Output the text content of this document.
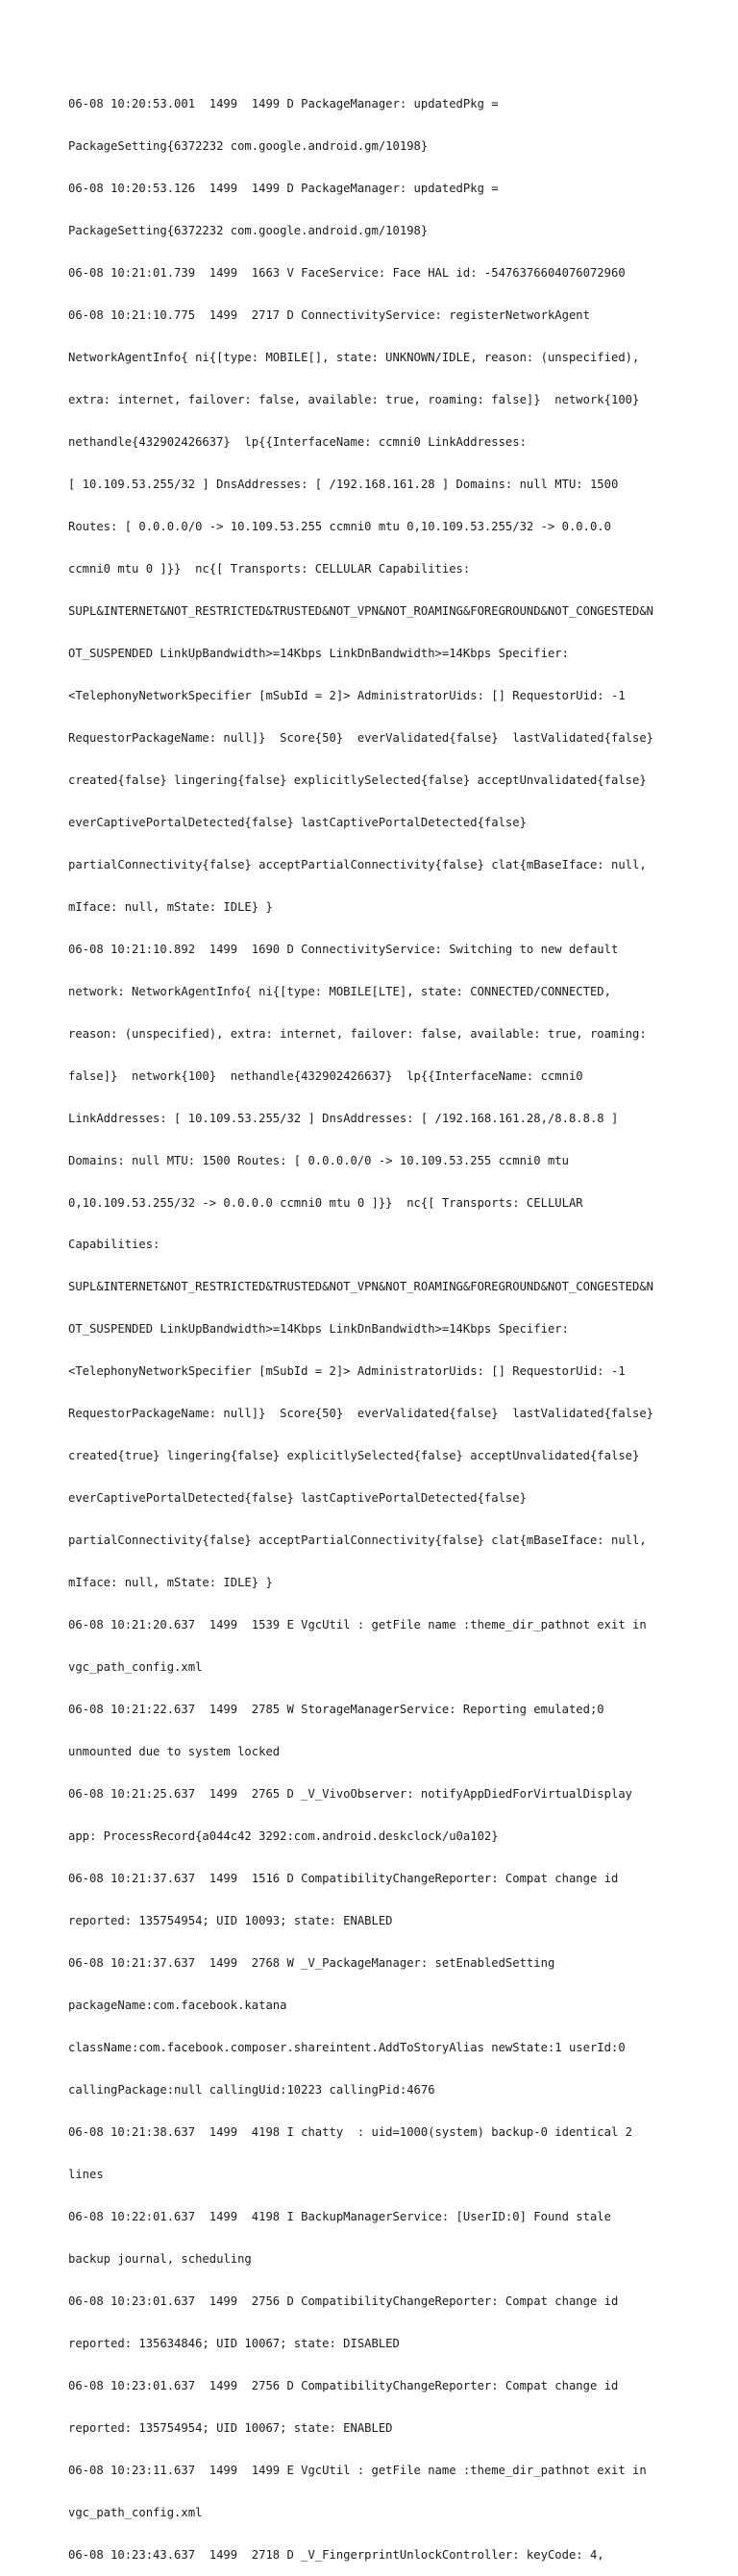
06-08 10:20:53.001  1499  1499 D PackageManager: updatedPkg =

PackageSetting{6372232 com.google.android.gm/10198}

06-08 10:20:53.126  1499  1499 D PackageManager: updatedPkg =

PackageSetting{6372232 com.google.android.gm/10198}

06-08 10:21:01.739  1499  1663 V FaceService: Face HAL id: -5476376604076072960

06-08 10:21:10.775  1499  2717 D ConnectivityService: registerNetworkAgent

NetworkAgentInfo{ ni{[type: MOBILE[], state: UNKNOWN/IDLE, reason: (unspecified),

extra: internet, failover: false, available: true, roaming: false]}  network{100}

nethandle{432902426637}  lp{{InterfaceName: ccmni0 LinkAddresses:

[ 10.109.53.255/32 ] DnsAddresses: [ /192.168.161.28 ] Domains: null MTU: 1500

Routes: [ 0.0.0.0/0 -> 10.109.53.255 ccmni0 mtu 0,10.109.53.255/32 -> 0.0.0.0

ccmni0 mtu 0 ]}}  nc{[ Transports: CELLULAR Capabilities:

SUPL&INTERNET&NOT_RESTRICTED&TRUSTED&NOT_VPN&NOT_ROAMING&FOREGROUND&NOT_CONGESTED&N

OT_SUSPENDED LinkUpBandwidth>=14Kbps LinkDnBandwidth>=14Kbps Specifier:

<TelephonyNetworkSpecifier [mSubId = 2]> AdministratorUids: [] RequestorUid: -1

RequestorPackageName: null]}  Score{50}  everValidated{false}  lastValidated{false}

created{false} lingering{false} explicitlySelected{false} acceptUnvalidated{false}

everCaptivePortalDetected{false} lastCaptivePortalDetected{false}

partialConnectivity{false} acceptPartialConnectivity{false} clat{mBaseIface: null,

mIface: null, mState: IDLE} }

06-08 10:21:10.892  1499  1690 D ConnectivityService: Switching to new default

network: NetworkAgentInfo{ ni{[type: MOBILE[LTE], state: CONNECTED/CONNECTED,

reason: (unspecified), extra: internet, failover: false, available: true, roaming:

false]}  network{100}  nethandle{432902426637}  lp{{InterfaceName: ccmni0

LinkAddresses: [ 10.109.53.255/32 ] DnsAddresses: [ /192.168.161.28,/8.8.8.8 ]

Domains: null MTU: 1500 Routes: [ 0.0.0.0/0 -> 10.109.53.255 ccmni0 mtu

0,10.109.53.255/32 -> 0.0.0.0 ccmni0 mtu 0 ]}}  nc{[ Transports: CELLULAR

Capabilities:

SUPL&INTERNET&NOT_RESTRICTED&TRUSTED&NOT_VPN&NOT_ROAMING&FOREGROUND&NOT_CONGESTED&N

OT_SUSPENDED LinkUpBandwidth>=14Kbps LinkDnBandwidth>=14Kbps Specifier:

<TelephonyNetworkSpecifier [mSubId = 2]> AdministratorUids: [] RequestorUid: -1

RequestorPackageName: null]}  Score{50}  everValidated{false}  lastValidated{false}

created{true} lingering{false} explicitlySelected{false} acceptUnvalidated{false}

everCaptivePortalDetected{false} lastCaptivePortalDetected{false}

partialConnectivity{false} acceptPartialConnectivity{false} clat{mBaseIface: null,

mIface: null, mState: IDLE} }

06-08 10:21:20.637  1499  1539 E VgcUtil : getFile name :theme_dir_pathnot exit in

vgc_path_config.xml

06-08 10:21:22.637  1499  2785 W StorageManagerService: Reporting emulated;0

unmounted due to system locked

06-08 10:21:25.637  1499  2765 D _V_VivoObserver: notifyAppDiedForVirtualDisplay

app: ProcessRecord{a044c42 3292:com.android.deskclock/u0a102}

06-08 10:21:37.637  1499  1516 D CompatibilityChangeReporter: Compat change id

reported: 135754954; UID 10093; state: ENABLED

06-08 10:21:37.637  1499  2768 W _V_PackageManager: setEnabledSetting

packageName:com.facebook.katana

className:com.facebook.composer.shareintent.AddToStoryAlias newState:1 userId:0

callingPackage:null callingUid:10223 callingPid:4676

06-08 10:21:38.637  1499  4198 I chatty  : uid=1000(system) backup-0 identical 2

lines

06-08 10:22:01.637  1499  4198 I BackupManagerService: [UserID:0] Found stale

backup journal, scheduling

06-08 10:23:01.637  1499  2756 D CompatibilityChangeReporter: Compat change id

reported: 135634846; UID 10067; state: DISABLED

06-08 10:23:01.637  1499  2756 D CompatibilityChangeReporter: Compat change id

reported: 135754954; UID 10067; state: ENABLED

06-08 10:23:11.637  1499  1499 E VgcUtil : getFile name :theme_dir_pathnot exit in

vgc_path_config.xml

06-08 10:23:43.637  1499  2718 D _V_FingerprintUnlockController: keyCode: 4,
